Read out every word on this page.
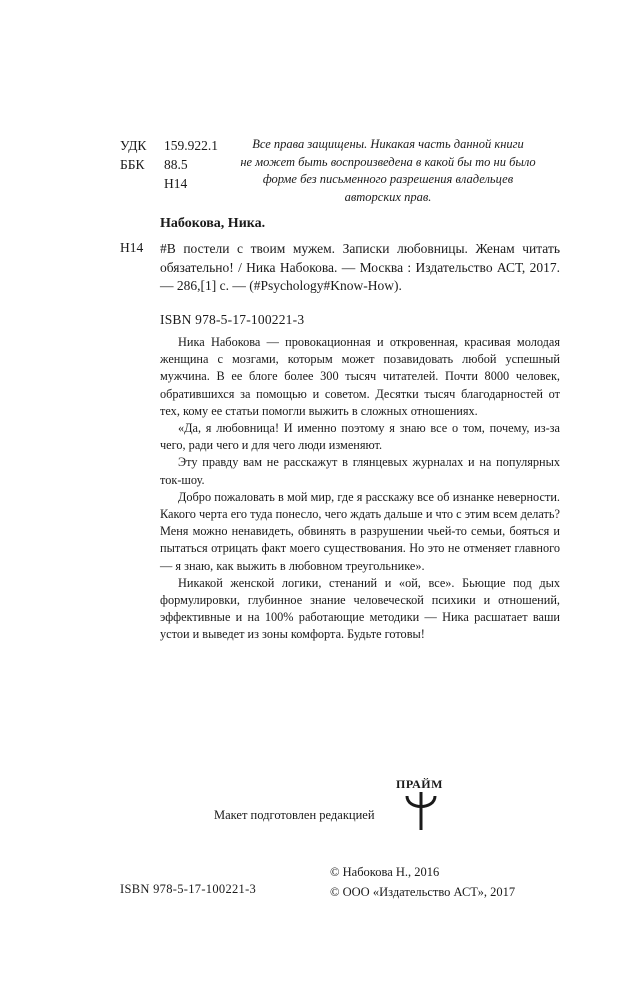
УДК 159.922.1
ББК 88.5
Н14
Все права защищены. Никакая часть данной книги
не может быть воспроизведена в какой бы то ни было
форме без письменного разрешения владельцев
авторских прав.
Набокова, Ника.
Н14 #В постели с твоим мужем. Записки любовницы. Женам читать обязательно! / Ника Набокова. — Москва : Издательство АСТ, 2017. — 286,[1] с. — (#Psychology#Know-How).
ISBN 978-5-17-100221-3

Ника Набокова — провокационная и откровенная, красивая молодая женщина с мозгами, которым может позавидовать любой успешный мужчина. В ее блоге более 300 тысяч читателей. Почти 8000 человек, обратившихся за помощью и советом. Десятки тысяч благодарностей от тех, кому ее статьи помогли выжить в сложных отношениях.

«Да, я любовница! И именно поэтому я знаю все о том, почему, из-за чего, ради чего и для чего люди изменяют.

Эту правду вам не расскажут в глянцевых журналах и на популярных ток-шоу.

Добро пожаловать в мой мир, где я расскажу все об изнанке неверности. Какого черта его туда понесло, чего ждать дальше и что с этим всем делать? Меня можно ненавидеть, обвинять в разрушении чьей-то семьи, бояться и пытаться отрицать факт моего существования. Но это не отменяет главного — я знаю, как выжить в любовном треугольнике».

Никакой женской логики, стенаний и «ой, все». Бьющие под дых формулировки, глубинное знание человеческой психики и отношений, эффективные и на 100% работающие методики — Ника расшатает ваши устои и выведет из зоны комфорта. Будьте готовы!

Макет подготовлен редакцией
ПРАЙМ
© Набокова Н., 2016
© ООО «Издательство АСТ», 2017
ISBN 978-5-17-100221-3
